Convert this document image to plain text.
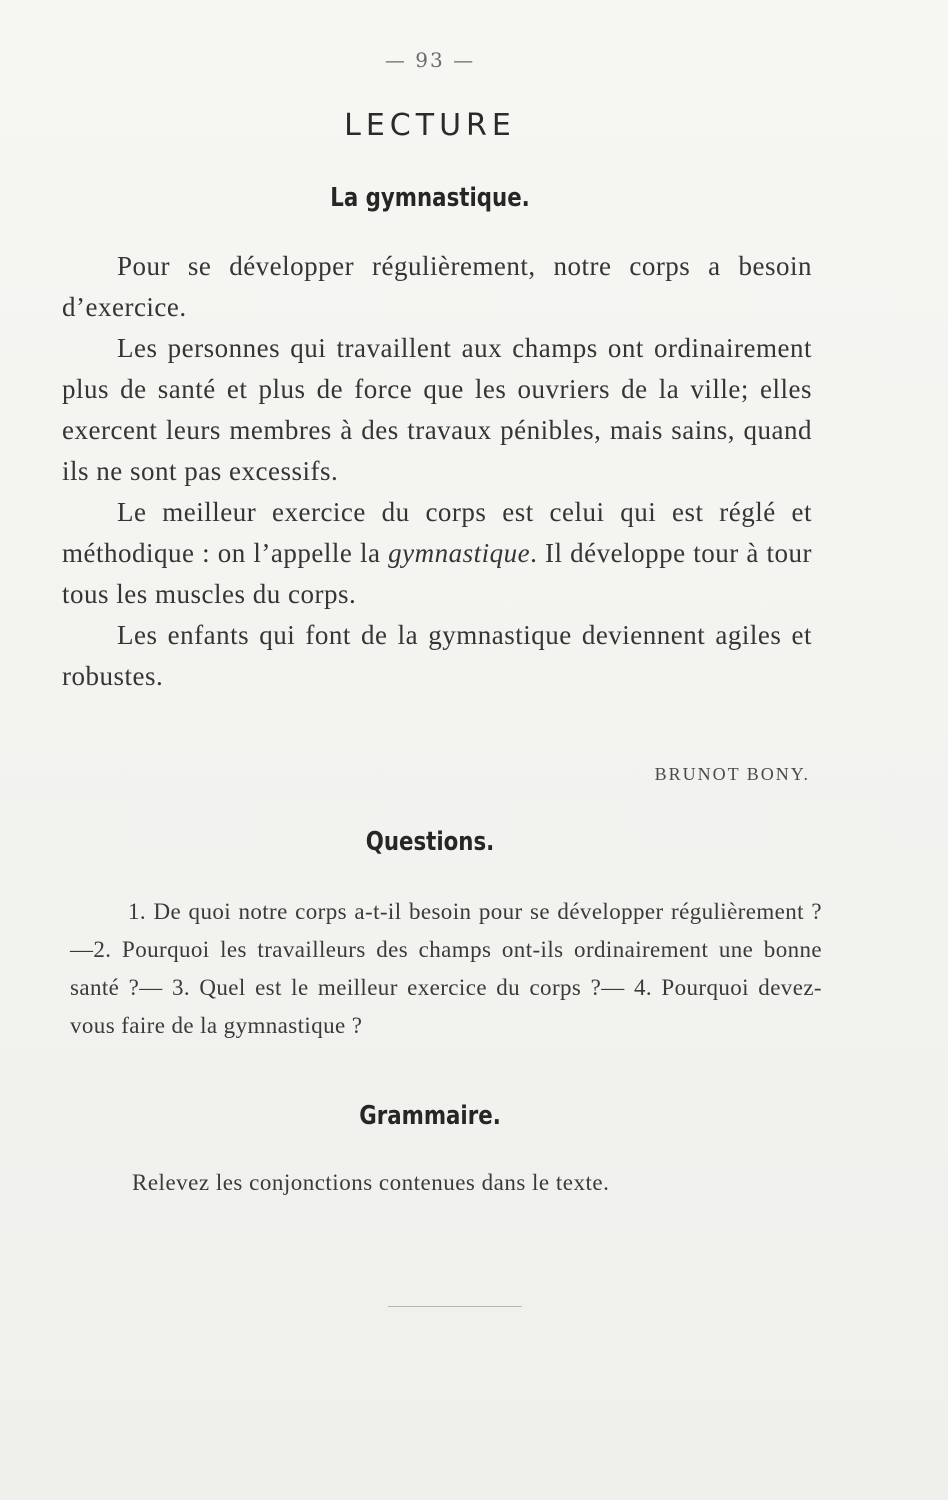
— 93 —
LECTURE
La gymnastique.

Pour se développer régulièrement, notre corps a besoin d’exercice.

Les personnes qui travaillent aux champs ont ordinairement plus de santé et plus de force que les ouvriers de la ville; elles exercent leurs membres à des travaux pénibles, mais sains, quand ils ne sont pas excessifs.

Le meilleur exercice du corps est celui qui est réglé et méthodique : on l’appelle la gymnastique. Il développe tour à tour tous les muscles du corps.

Les enfants qui font de la gymnastique deviennent agiles et robustes.

BRUNOT BONY.
Questions.
1. De quoi notre corps a-t-il besoin pour se développer régulièrement ?—2. Pourquoi les travailleurs des champs ont-ils ordinairement une bonne santé ?— 3. Quel est le meilleur exercice du corps ?— 4. Pourquoi devez-vous faire de la gymnastique ?
Grammaire.
Relevez les conjonctions contenues dans le texte.
